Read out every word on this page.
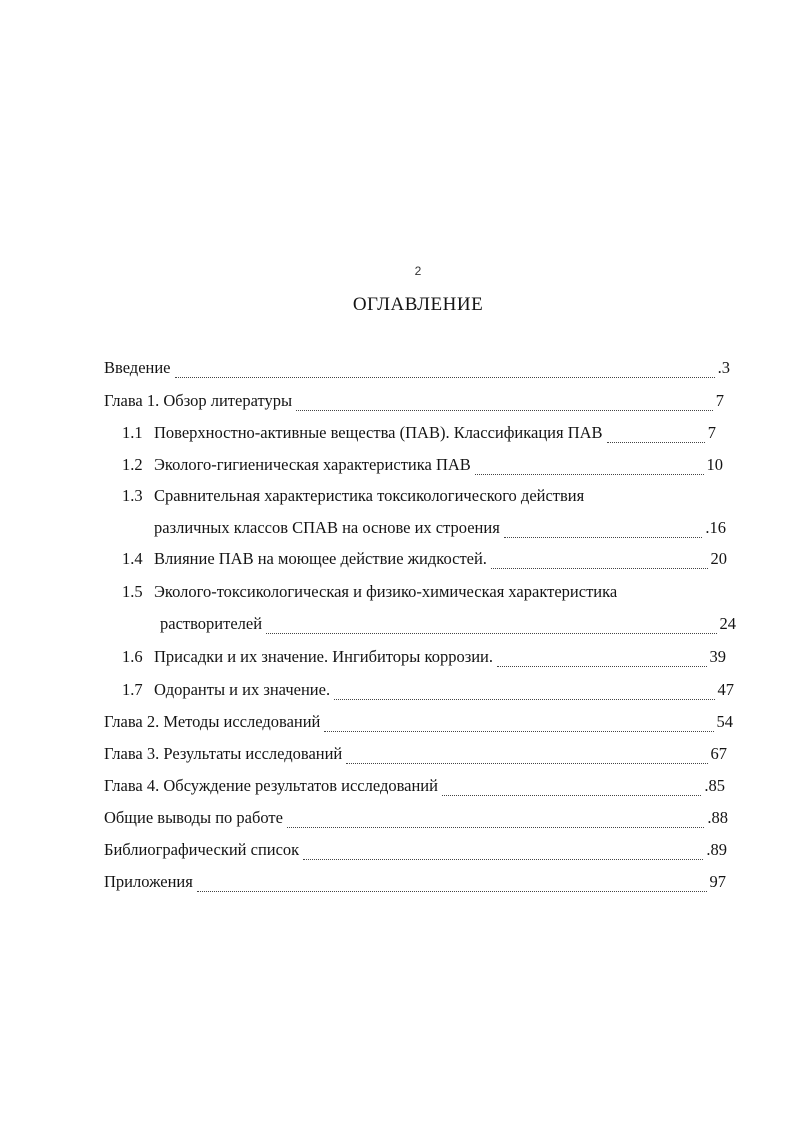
2
ОГЛАВЛЕНИЕ
Введение	.3
Глава 1. Обзор литературы	7
1.1 Поверхностно-активные вещества (ПАВ). Классификация ПАВ	7
1.2 Эколого-гигиеническая характеристика ПАВ	10
1.3 Сравнительная характеристика токсикологического действия
различных классов СПАВ на основе их строения	.16
1.4 Влияние ПАВ на моющее действие жидкостей.	20
1.5 Эколого-токсикологическая и физико-химическая характеристика
растворителей	24
1.6 Присадки и их значение. Ингибиторы коррозии.	39
1.7 Одоранты и их значение.	47
Глава 2. Методы исследований	54
Глава 3. Результаты исследований	67
Глава 4. Обсуждение результатов исследований	.85
Общие выводы по работе	.88
Библиографический список	.89
Приложения	97
